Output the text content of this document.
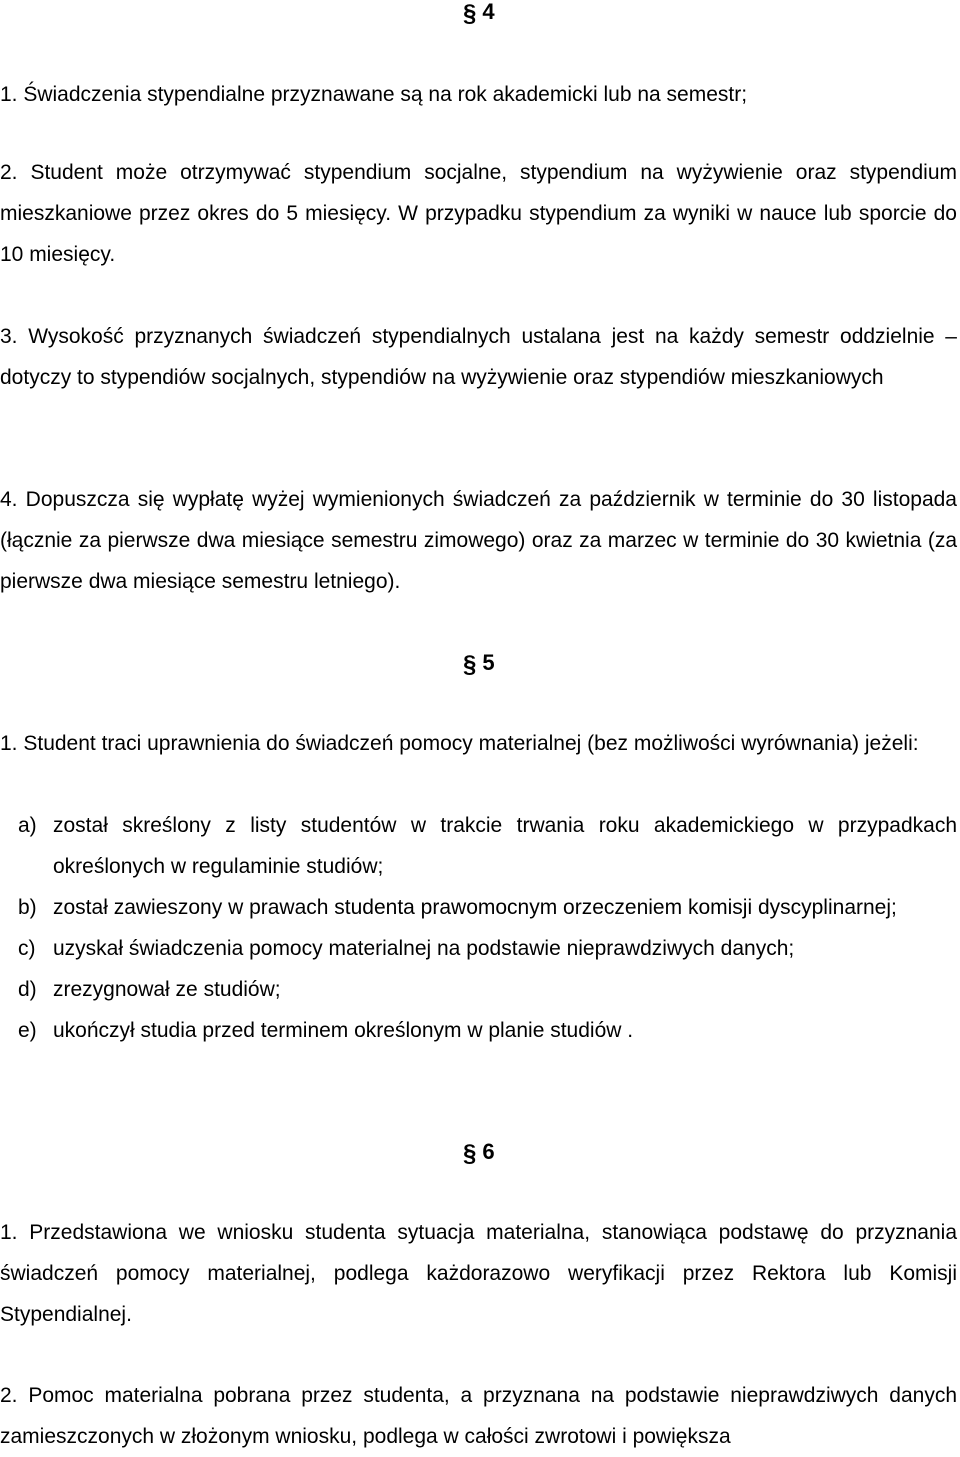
§ 4
1. Świadczenia stypendialne przyznawane są na rok akademicki lub na semestr;
2. Student może otrzymywać stypendium socjalne, stypendium na wyżywienie oraz stypendium mieszkaniowe przez okres do 5 miesięcy. W przypadku stypendium za wyniki w nauce lub sporcie do 10 miesięcy.
3. Wysokość przyznanych świadczeń stypendialnych ustalana jest na każdy semestr oddzielnie – dotyczy to stypendiów socjalnych, stypendiów na wyżywienie oraz stypendiów mieszkaniowych
4. Dopuszcza się wypłatę wyżej wymienionych świadczeń za październik w terminie do 30 listopada (łącznie za pierwsze dwa miesiące semestru zimowego) oraz za marzec w terminie do 30 kwietnia (za pierwsze dwa miesiące semestru letniego).
§ 5
1. Student traci uprawnienia do świadczeń pomocy materialnej (bez możliwości wyrównania) jeżeli:
a) został skreślony z listy studentów w trakcie trwania roku akademickiego w przypadkach określonych w regulaminie studiów;
b) został zawieszony w prawach studenta prawomocnym orzeczeniem komisji dyscyplinarnej;
c) uzyskał świadczenia pomocy materialnej na podstawie nieprawdziwych danych;
d) zrezygnował ze studiów;
e) ukończył studia przed terminem określonym w planie studiów .
§ 6
1. Przedstawiona we wniosku studenta sytuacja materialna, stanowiąca podstawę do przyznania świadczeń pomocy materialnej, podlega każdorazowo weryfikacji przez Rektora lub Komisji Stypendialnej.
2. Pomoc materialna pobrana przez studenta, a przyznana na podstawie nieprawdziwych danych zamieszczonych w złożonym wniosku, podlega w całości zwrotowi i powiększa
